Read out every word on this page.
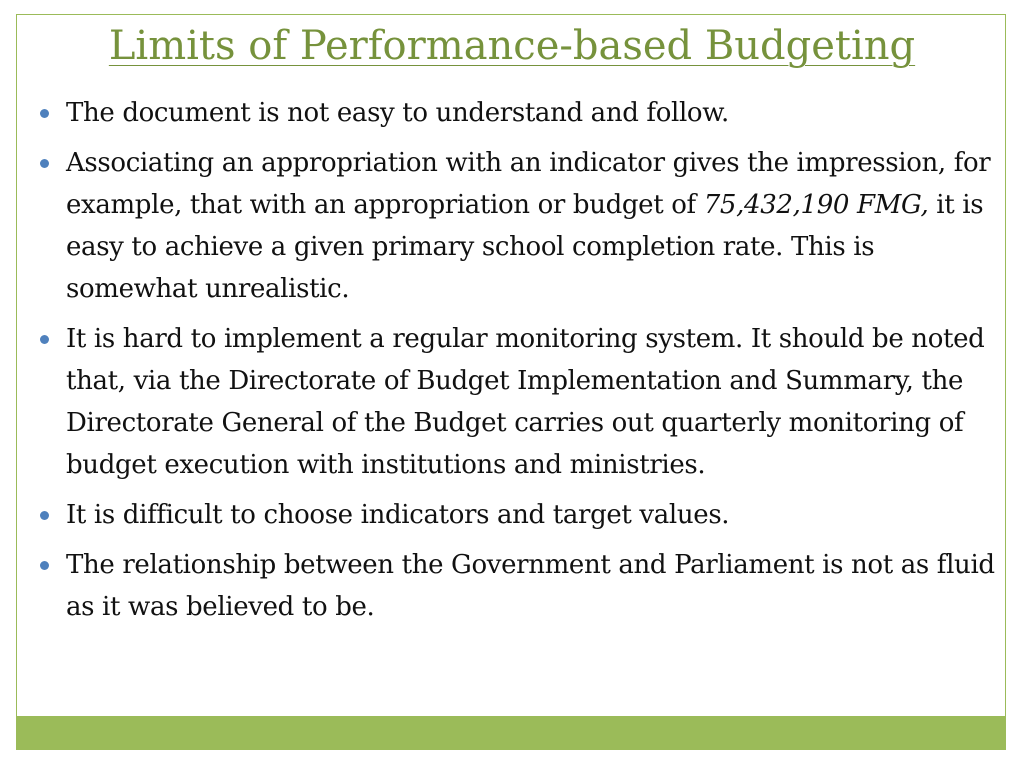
Limits of Performance-based Budgeting
The document is not easy to understand and follow.
Associating an appropriation with an indicator gives the impression, for example, that with an appropriation or budget of 75,432,190 FMG, it is easy to achieve a given primary school completion rate. This is somewhat unrealistic.
It is hard to implement a regular monitoring system. It should be noted that, via the Directorate of Budget Implementation and Summary, the Directorate General of the Budget carries out quarterly monitoring of budget execution with institutions and ministries.
It is difficult to choose indicators and target values.
The relationship between the Government and Parliament is not as fluid as it was believed to be.
